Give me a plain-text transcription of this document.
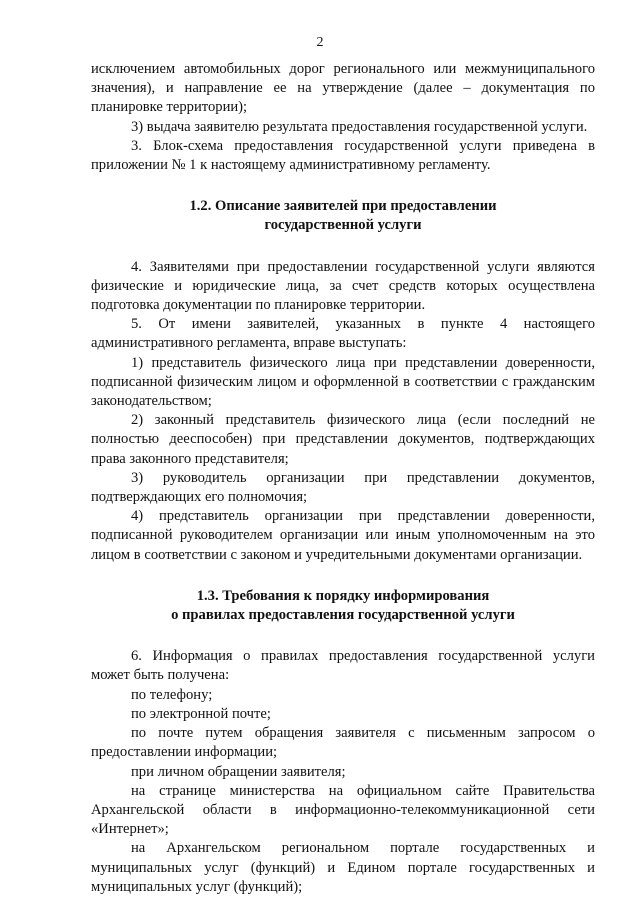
2

исключением автомобильных дорог регионального или межмуниципального значения), и направление ее на утверждение (далее – документация по планировке территории);

3) выдача заявителю результата предоставления государственной услуги.

3. Блок-схема предоставления государственной услуги приведена в приложении № 1 к настоящему административному регламенту.

1.2. Описание заявителей при предоставлении

государственной услуги

4. Заявителями при предоставлении государственной услуги являются физические и юридические лица, за счет средств которых осуществлена подготовка документации по планировке территории.

5. От имени заявителей, указанных в пункте 4 настоящего административного регламента, вправе выступать:

1) представитель физического лица при представлении доверенности, подписанной физическим лицом и оформленной в соответствии с гражданским законодательством;

2) законный представитель физического лица (если последний не полностью дееспособен) при представлении документов, подтверждающих права законного представителя;

3) руководитель организации при представлении документов, подтверждающих его полномочия;

4) представитель организации при представлении доверенности, подписанной руководителем организации или иным уполномоченным на это лицом в соответствии с законом и учредительными документами организации.

1.3. Требования к порядку информирования

о правилах предоставления государственной услуги

6. Информация о правилах предоставления государственной услуги может быть получена:

по телефону;

по электронной почте;

по почте путем обращения заявителя с письменным запросом о предоставлении информации;

при личном обращении заявителя;

на странице министерства на официальном сайте Правительства Архангельской области в информационно-телекоммуникационной сети «Интернет»;

на Архангельском региональном портале государственных и муниципальных услуг (функций) и Едином портале государственных и муниципальных услуг (функций);
